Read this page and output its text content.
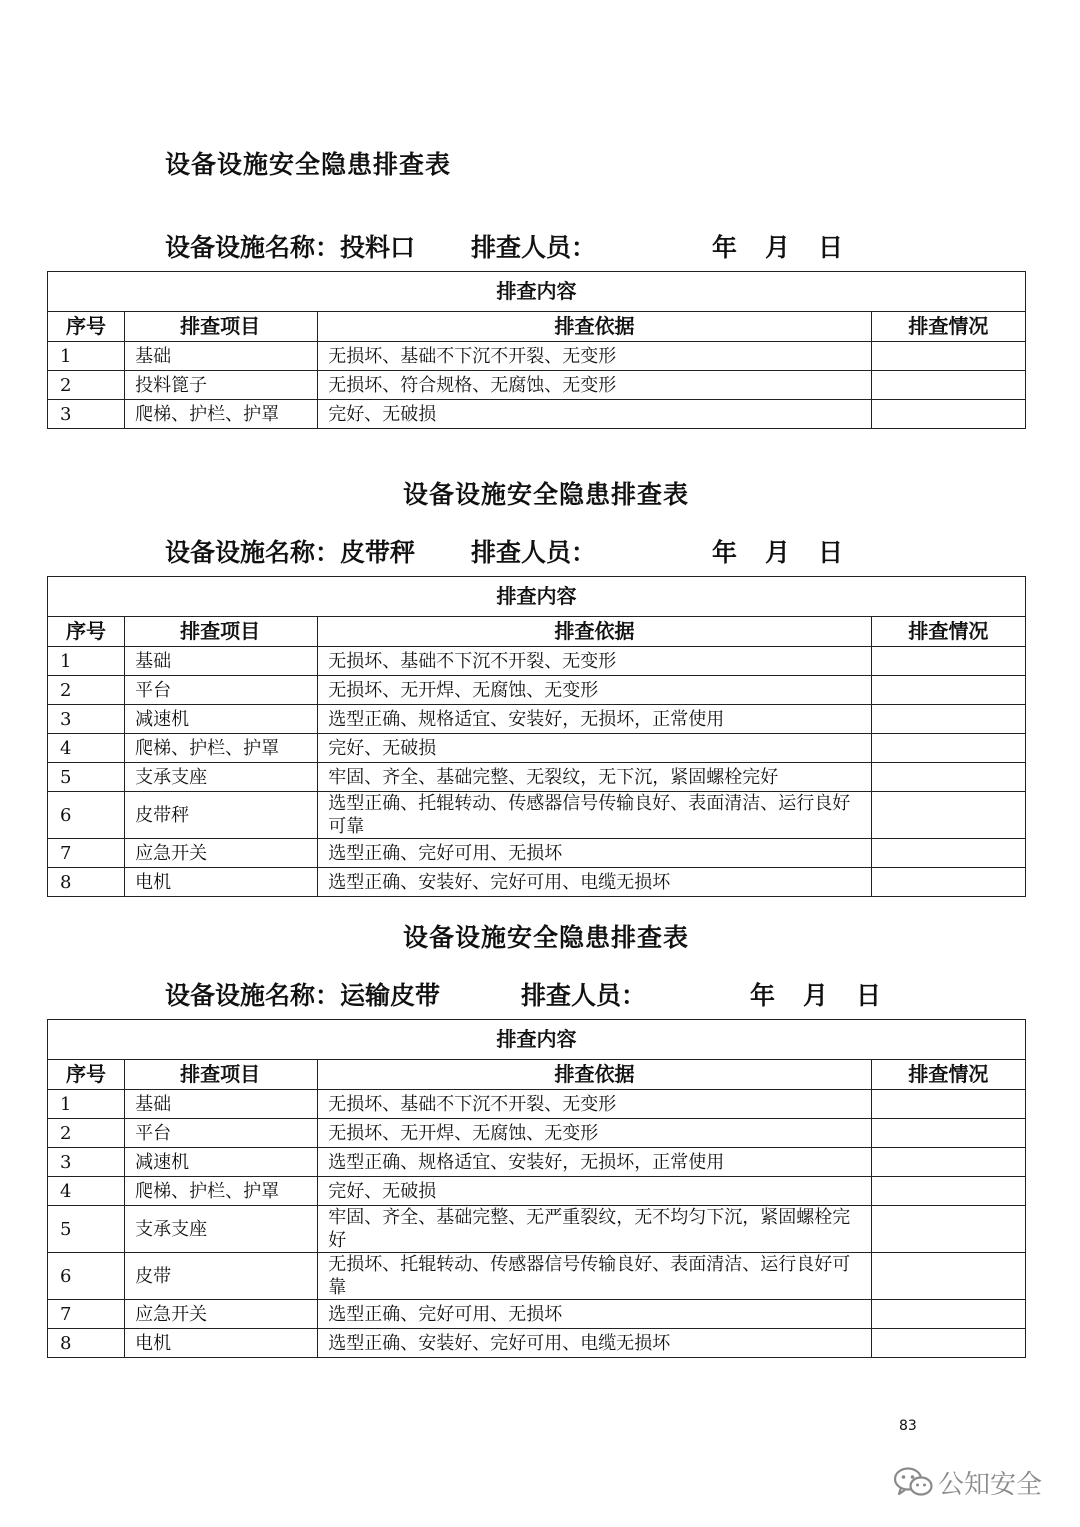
设备设施安全隐患排查表
设备设施名称：投料口 排查人员：	年 月 日
排查内容			
序号	排查项目	排查依据	排查情况
1	基础	无损坏、基础不下沉不开裂、无变形	
2	投料篦子	无损坏、符合规格、无腐蚀、无变形	
3	爬梯、护栏、护罩	完好、无破损	
设备设施安全隐患排查表
设备设施名称：皮带秤 排查人员：	年 月 日
排查内容			
序号	排查项目	排查依据	排查情况
1	基础	无损坏、基础不下沉不开裂、无变形	
2	平台	无损坏、无开焊、无腐蚀、无变形	
3	减速机	选型正确、规格适宜、安装好，无损坏，正常使用	
4	爬梯、护栏、护罩	完好、无破损	
5	支承支座	牢固、齐全、基础完整、无裂纹，无下沉，紧固螺栓完好	
6	皮带秤	选型正确、托辊转动、传感器信号传输良好、表面清洁、运行良好可靠	
7	应急开关	选型正确、完好可用、无损坏	
8	电机	选型正确、安装好、完好可用、电缆无损坏	
设备设施安全隐患排查表
设备设施名称：运输皮带	排查人员：	年 月 日
排查内容			
序号	排查项目	排查依据	排查情况
1	基础	无损坏、基础不下沉不开裂、无变形	
2	平台	无损坏、无开焊、无腐蚀、无变形	
3	减速机	选型正确、规格适宜、安装好，无损坏，正常使用	
4	爬梯、护栏、护罩	完好、无破损	
5	支承支座	牢固、齐全、基础完整、无严重裂纹，无不均匀下沉，紧固螺栓完好	
6	皮带	无损坏、托辊转动、传感器信号传输良好、表面清洁、运行良好可靠	
7	应急开关	选型正确、完好可用、无损坏	
8	电机	选型正确、安装好、完好可用、电缆无损坏	
83
公知安全
